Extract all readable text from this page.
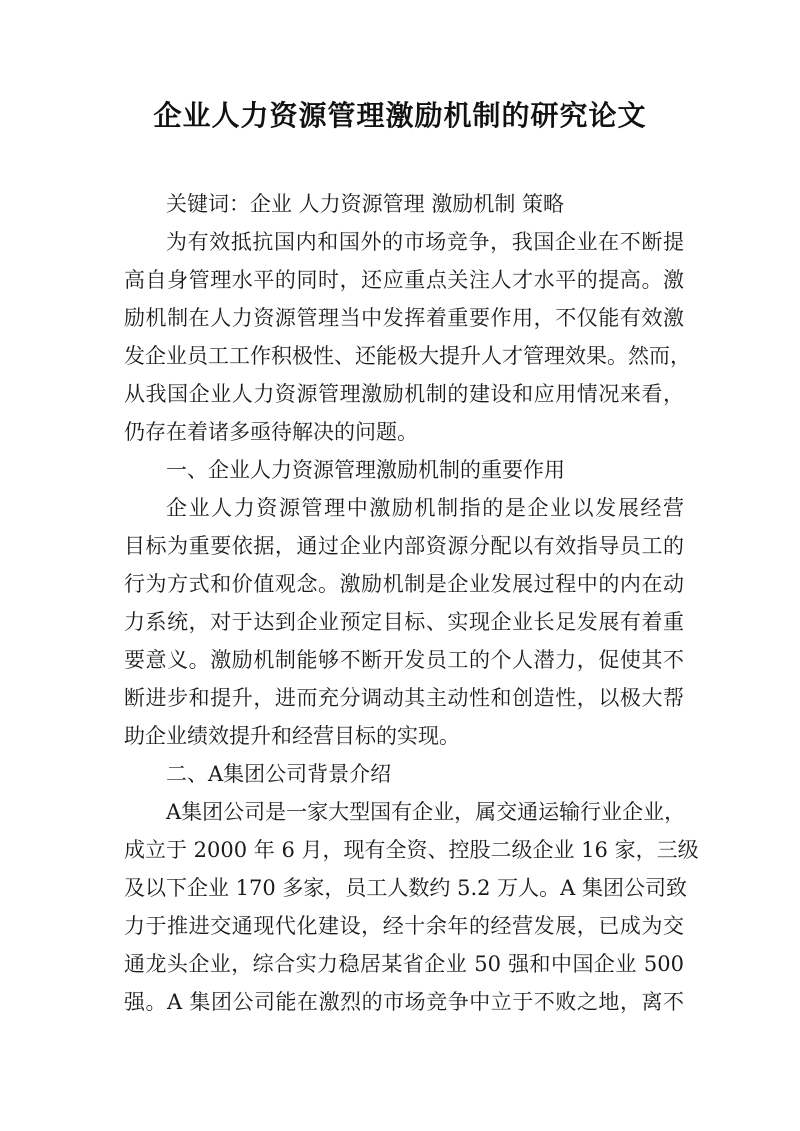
企业人力资源管理激励机制的研究论文
关键词：企业 人力资源管理 激励机制 策略
为有效抵抗国内和国外的市场竞争，我国企业在不断提
高自身管理水平的同时，还应重点关注人才水平的提高。激
励机制在人力资源管理当中发挥着重要作用，不仅能有效激
发企业员工工作积极性、还能极大提升人才管理效果。然而，
从我国企业人力资源管理激励机制的建设和应用情况来看，
仍存在着诸多亟待解决的问题。
一、企业人力资源管理激励机制的重要作用
企业人力资源管理中激励机制指的是企业以发展经营
目标为重要依据，通过企业内部资源分配以有效指导员工的
行为方式和价值观念。激励机制是企业发展过程中的内在动
力系统，对于达到企业预定目标、实现企业长足发展有着重
要意义。激励机制能够不断开发员工的个人潜力，促使其不
断进步和提升，进而充分调动其主动性和创造性，以极大帮
助企业绩效提升和经营目标的实现。
二、A集团公司背景介绍
A集团公司是一家大型国有企业，属交通运输行业企业，
成立于 2000 年 6 月，现有全资、控股二级企业 16 家，三级
及以下企业 170 多家，员工人数约 5.2 万人。A 集团公司致
力于推进交通现代化建设，经十余年的经营发展，已成为交
通龙头企业，综合实力稳居某省企业 50 强和中国企业 500
强。A 集团公司能在激烈的市场竞争中立于不败之地，离不
